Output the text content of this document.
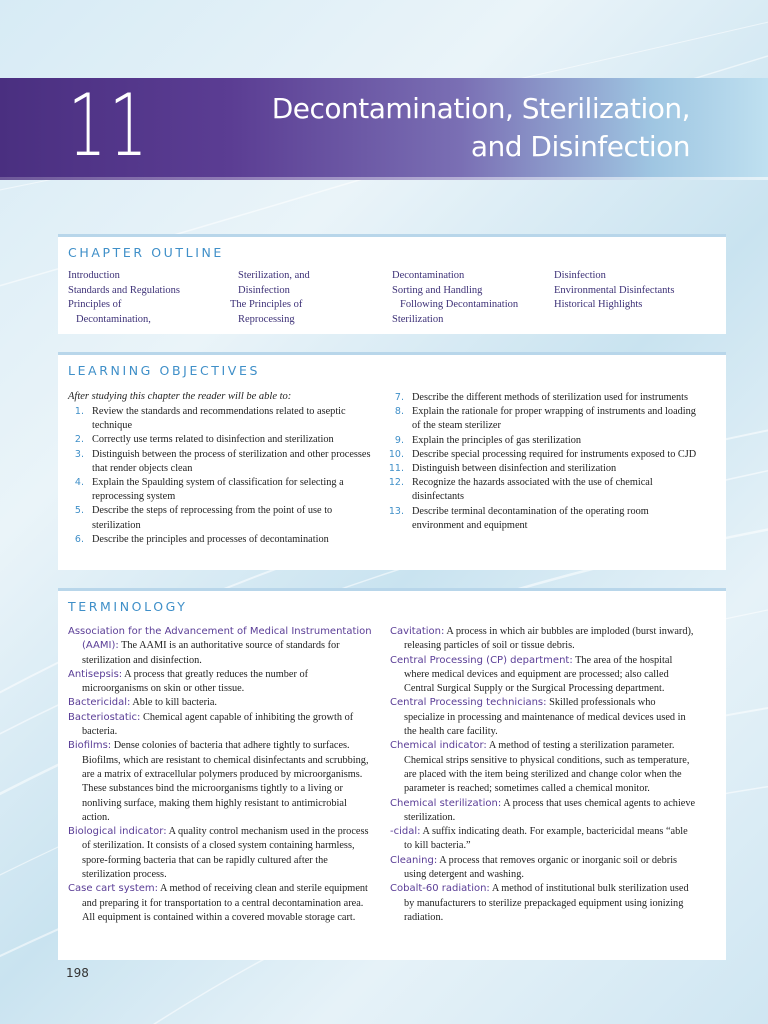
11	Decontamination, Sterilization,
and Disinfection
CHAPTER OUTLINE
Introduction
Standards and Regulations
Principles of
Decontamination,
Sterilization, and
Disinfection
The Principles of
Reprocessing
Decontamination
Sorting and Handling
Following Decontamination
Sterilization
Disinfection
Environmental Disinfectants
Historical Highlights
LEARNING OBJECTIVES
After studying this chapter the reader will be able to:
1. Review the standards and recommendations related to aseptic technique
2. Correctly use terms related to disinfection and sterilization
3. Distinguish between the process of sterilization and other processes that render objects clean
4. Explain the Spaulding system of classification for selecting a reprocessing system
5. Describe the steps of reprocessing from the point of use to sterilization
6. Describe the principles and processes of decontamination
7. Describe the different methods of sterilization used for instruments
8. Explain the rationale for proper wrapping of instruments and loading of the steam sterilizer
9. Explain the principles of gas sterilization
10. Describe special processing required for instruments exposed to CJD
11. Distinguish between disinfection and sterilization
12. Recognize the hazards associated with the use of chemical disinfectants
13. Describe terminal decontamination of the operating room environment and equipment
TERMINOLOGY
Association for the Advancement of Medical Instrumentation (AAMI): The AAMI is an authoritative source of standards for sterilization and disinfection.
Antisepsis: A process that greatly reduces the number of microorganisms on skin or other tissue.
Bactericidal: Able to kill bacteria.
Bacteriostatic: Chemical agent capable of inhibiting the growth of bacteria.
Biofilms: Dense colonies of bacteria that adhere tightly to surfaces. Biofilms, which are resistant to chemical disinfectants and scrubbing, are a matrix of extracellular polymers produced by microorganisms. These substances bind the microorganisms tightly to a living or nonliving surface, making them highly resistant to antimicrobial action.
Biological indicator: A quality control mechanism used in the process of sterilization. It consists of a closed system containing harmless, spore-forming bacteria that can be rapidly cultured after the sterilization process.
Case cart system: A method of receiving clean and sterile equipment and preparing it for transportation to a central decontamination area. All equipment is contained within a covered movable storage cart.
Cavitation: A process in which air bubbles are imploded (burst inward), releasing particles of soil or tissue debris.
Central Processing (CP) department: The area of the hospital where medical devices and equipment are processed; also called Central Surgical Supply or the Surgical Processing department.
Central Processing technicians: Skilled professionals who specialize in processing and maintenance of medical devices used in the health care facility.
Chemical indicator: A method of testing a sterilization parameter. Chemical strips sensitive to physical conditions, such as temperature, are placed with the item being sterilized and change color when the parameter is reached; sometimes called a chemical monitor.
Chemical sterilization: A process that uses chemical agents to achieve sterilization.
-cidal: A suffix indicating death. For example, bactericidal means “able to kill bacteria.”
Cleaning: A process that removes organic or inorganic soil or debris using detergent and washing.
Cobalt-60 radiation: A method of institutional bulk sterilization used by manufacturers to sterilize prepackaged equipment using ionizing radiation.
198
